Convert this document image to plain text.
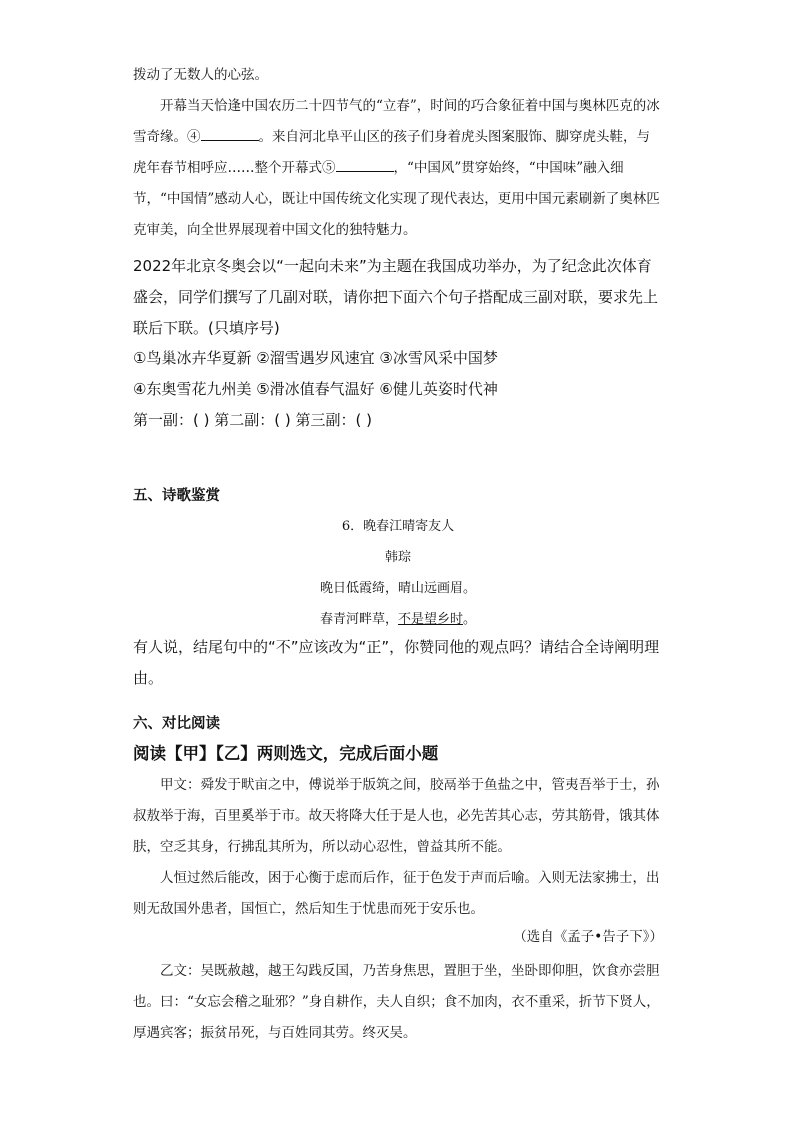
拨动了无数人的心弦。

开幕当天恰逢中国农历二十四节气的“立春”，时间的巧合象征着中国与奥林匹克的冰雪奇缘。④	。来自河北阜平山区的孩子们身着虎头图案服饰、脚穿虎头鞋，与虎年春节相呼应……整个开幕式⑤	，“中国风”贯穿始终，“中国味”融入细节，“中国情”感动人心，既让中国传统文化实现了现代表达，更用中国元素刷新了奥林匹克审美，向全世界展现着中国文化的独特魅力。

2022年北京冬奥会以“一起向未来”为主题在我国成功举办，为了纪念此次体育盛会，同学们撰写了几副对联，请你把下面六个句子搭配成三副对联，要求先上联后下联。(只填序号)

①鸟巢冰卉华夏新 ②溜雪遇岁风速宜 ③冰雪风采中国梦

④东奥雪花九州美 ⑤滑冰值春气温好 ⑥健儿英姿时代神

第一副：( ) 第二副：( ) 第三副：( )

五、诗歌鉴赏

6．晚春江晴寄友人

韩琮

晚日低霞绮，晴山远画眉。

春青河畔草，不是望乡时。

有人说，结尾句中的“不”应该改为“正”，你赞同他的观点吗？请结合全诗阐明理由。

六、对比阅读

阅读【甲】【乙】两则选文，完成后面小题

甲文：舜发于畎亩之中，傅说举于版筑之间，胶鬲举于鱼盐之中，管夷吾举于士，孙叔敖举于海，百里奚举于市。故天将降大任于是人也，必先苦其心志，劳其筋骨，饿其体肤，空乏其身，行拂乱其所为，所以动心忍性，曾益其所不能。

人恒过然后能改，困于心衡于虑而后作，征于色发于声而后喻。入则无法家拂士，出则无敌国外患者，国恒亡，然后知生于忧患而死于安乐也。

（选自《孟子•告子下》）

乙文：吴既赦越，越王勾践反国，乃苦身焦思，置胆于坐，坐卧即仰胆，饮食亦尝胆也。曰：“女忘会稽之耻邪？”身自耕作，夫人自织；食不加肉，衣不重采，折节下贤人，厚遇宾客；振贫吊死，与百姓同其劳。终灭吴。
